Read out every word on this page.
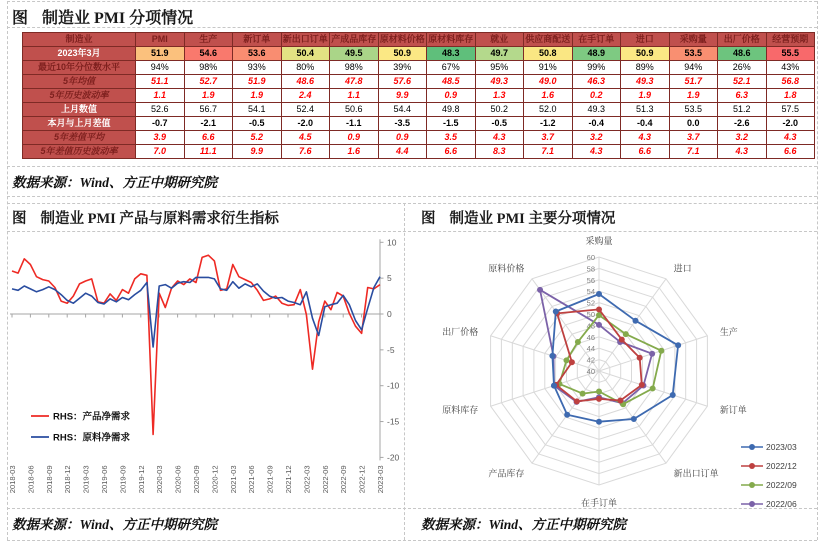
图 制造业 PMI 分项情况
图 制造业 PMI 产品与原料需求衍生指标	图 制造业 PMI 主要分项情况
数据来源：Wind、方正中期研究院
数据来源：Wind、方正中期研究院	数据来源：Wind、方正中期研究院
制造业	PMI	生产	新订单	新出口订单	产成品库存	原材料价格	原材料库存	就业	供应商配送	在手订单	进口	采购量	出厂价格	经营预期
2023年3月	51.9	54.6	53.6	50.4	49.5	50.9	48.3	49.7	50.8	48.9	50.9	53.5	48.6	55.5
最近10年分位数水平	94%	98%	93%	80%	98%	39%	67%	95%	91%	99%	89%	94%	26%	43%
5年均值	51.1	52.7	51.9	48.6	47.8	57.6	48.5	49.3	49.0	46.3	49.3	51.7	52.1	56.8
5年历史波动率	1.1	1.9	1.9	2.4	1.1	9.9	0.9	1.3	1.6	0.2	1.9	1.9	6.3	1.8
上月数值	52.6	56.7	54.1	52.4	50.6	54.4	49.8	50.2	52.0	49.3	51.3	53.5	51.2	57.5
本月与上月差值	-0.7	-2.1	-0.5	-2.0	-1.1	-3.5	-1.5	-0.5	-1.2	-0.4	-0.4	0.0	-2.6	-2.0
5年差值平均	3.9	6.6	5.2	4.5	0.9	0.9	3.5	4.3	3.7	3.2	4.3	3.7	3.2	4.3
5年差值历史波动率	7.0	11.1	9.9	7.6	1.6	4.4	6.6	8.3	7.1	4.3	6.6	7.1	4.3	6.6
10
5
0
-5
-10
-15
-20
2018-03 2018-06 2018-09 2018-12 2019-03 2019-06 2019-09 2019-12 2020-03 2020-06 2020-09 2020-12 2021-03 2021-06 2021-09 2021-12 2022-03 2022-06 2022-09 2022-12 2023-03
RHS：产品净需求
RHS：原料净需求
60
58
56
54
52
50
48
46
44
42
40
采购量
进口
生产
新订单
新出口订单
在手订单
产品库存
原料库存
出厂价格
原料价格
2023/03
2022/12
2022/09
2022/06
